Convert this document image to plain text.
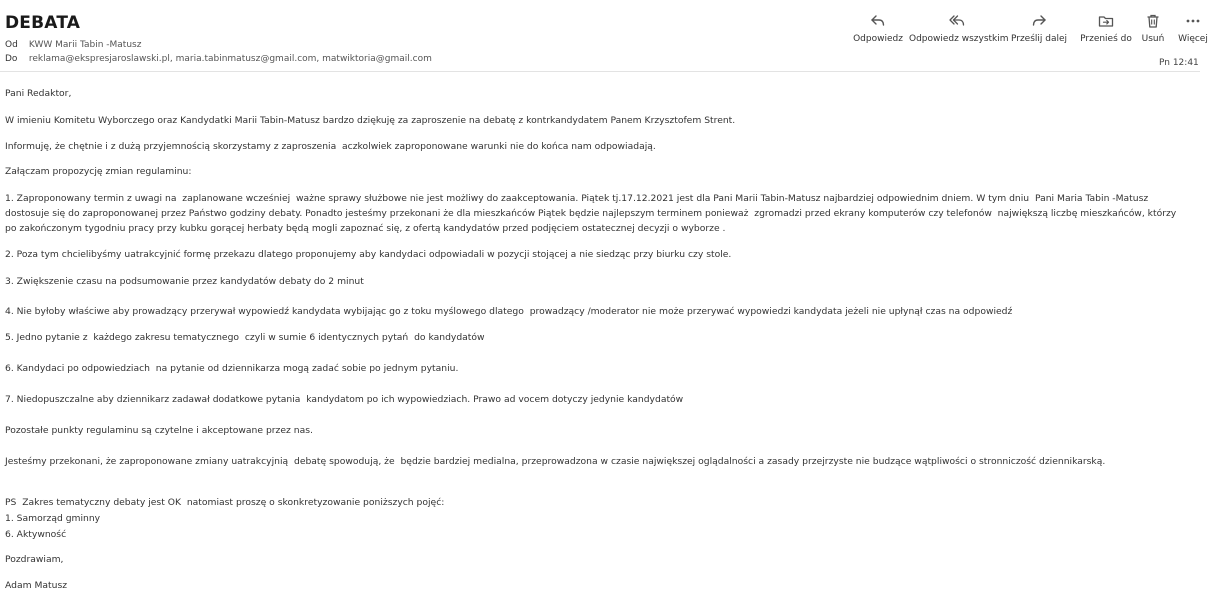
DEBATA
Od KWW Marii Tabin -Matusz
Do reklama@ekspresjaroslawski.pl, maria.tabinmatusz@gmail.com, matwiktoria@gmail.com
Odpowiedz Odpowiedz wszystkim Prześlij dalej Przenieś do Usuń	Więcej
Pn 12:41

Pani Redaktor,

W imieniu Komitetu Wyborczego oraz Kandydatki Marii Tabin-Matusz bardzo dziękuję za zaproszenie na debatę z kontrkandydatem Panem Krzysztofem Strent.

Informuję, że chętnie i z dużą przyjemnością skorzystamy z zaproszenia  aczkolwiek zaproponowane warunki nie do końca nam odpowiadają.

Załączam propozycję zmian regulaminu:

1. Zaproponowany termin z uwagi na  zaplanowane wcześniej  ważne sprawy służbowe nie jest możliwy do zaakceptowania. Piątek tj.17.12.2021 jest dla Pani Marii Tabin-Matusz najbardziej odpowiednim dniem. W tym dniu  Pani Maria Tabin -Matusz

dostosuje się do zaproponowanej przez Państwo godziny debaty. Ponadto jesteśmy przekonani że dla mieszkańców Piątek będzie najlepszym terminem ponieważ  zgromadzi przed ekrany komputerów czy telefonów  największą liczbę mieszkańców, którzy

po zakończonym tygodniu pracy przy kubku gorącej herbaty będą mogli zapoznać się, z ofertą kandydatów przed podjęciem ostatecznej decyzji o wyborze .

2. Poza tym chcielibyśmy uatrakcyjnić formę przekazu dlatego proponujemy aby kandydaci odpowiadali w pozycji stojącej a nie siedząc przy biurku czy stole.

3. Zwiększenie czasu na podsumowanie przez kandydatów debaty do 2 minut

4. Nie byłoby właściwe aby prowadzący przerywał wypowiedź kandydata wybijając go z toku myślowego dlatego  prowadzący /moderator nie może przerywać wypowiedzi kandydata jeżeli nie upłynął czas na odpowiedź

5. Jedno pytanie z  każdego zakresu tematycznego  czyli w sumie 6 identycznych pytań  do kandydatów

6. Kandydaci po odpowiedziach  na pytanie od dziennikarza mogą zadać sobie po jednym pytaniu.

7. Niedopuszczalne aby dziennikarz zadawał dodatkowe pytania  kandydatom po ich wypowiedziach. Prawo ad vocem dotyczy jedynie kandydatów

Pozostałe punkty regulaminu są czytelne i akceptowane przez nas.

Jesteśmy przekonani, że zaproponowane zmiany uatrakcyjnią  debatę spowodują, że  będzie bardziej medialna, przeprowadzona w czasie największej oglądalności a zasady przejrzyste nie budzące wątpliwości o stronniczość dziennikarską.

PS  Zakres tematyczny debaty jest OK  natomiast proszę o skonkretyzowanie poniższych pojęć:

1. Samorząd gminny

6. Aktywność

Pozdrawiam,

Adam Matusz
